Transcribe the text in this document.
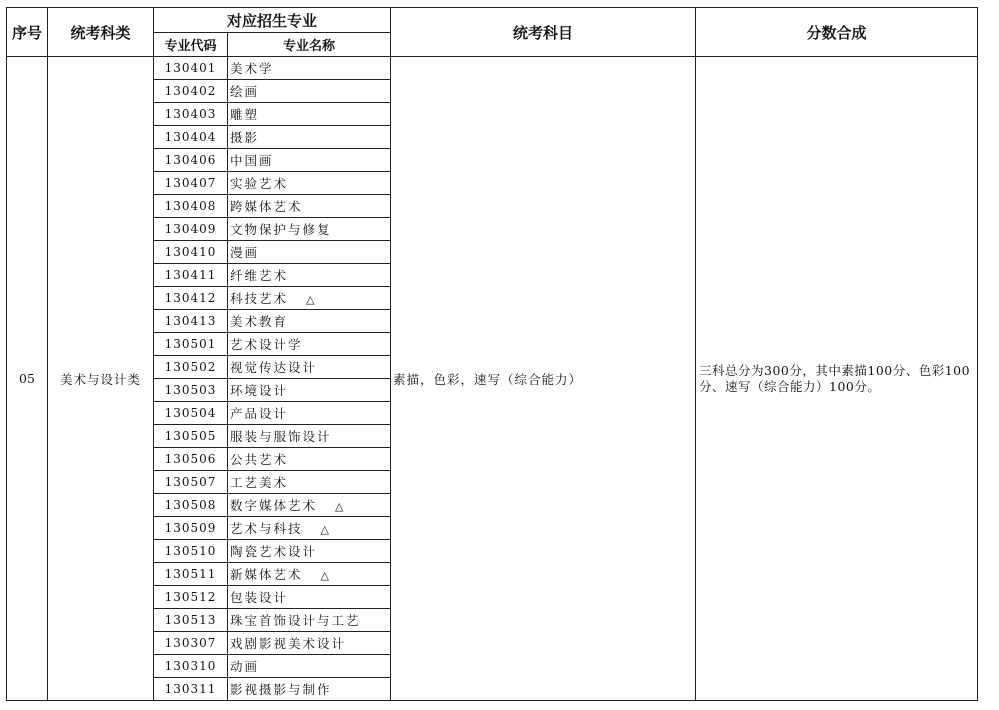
序号	统考科类	对应招生专业		统考科目	分数合成
		专业代码	专业名称		
05	美术与设计类	130401	美术学	素描，色彩，速写（综合能力）	三科总分为300分，其中素描100分、色彩100分、速写（综合能力）100分。
		130402	绘画		
		130403	雕塑		
		130404	摄影		
		130406	中国画		
		130407	实验艺术		
		130408	跨媒体艺术		
		130409	文物保护与修复		
		130410	漫画		
		130411	纤维艺术		
		130412	科技艺术 △		
		130413	美术教育		
		130501	艺术设计学		
		130502	视觉传达设计		
		130503	环境设计		
		130504	产品设计		
		130505	服装与服饰设计		
		130506	公共艺术		
		130507	工艺美术		
		130508	数字媒体艺术 △		
		130509	艺术与科技 △		
		130510	陶瓷艺术设计		
		130511	新媒体艺术 △		
		130512	包装设计		
		130513	珠宝首饰设计与工艺		
		130307	戏剧影视美术设计		
		130310	动画		
		130311	影视摄影与制作		
